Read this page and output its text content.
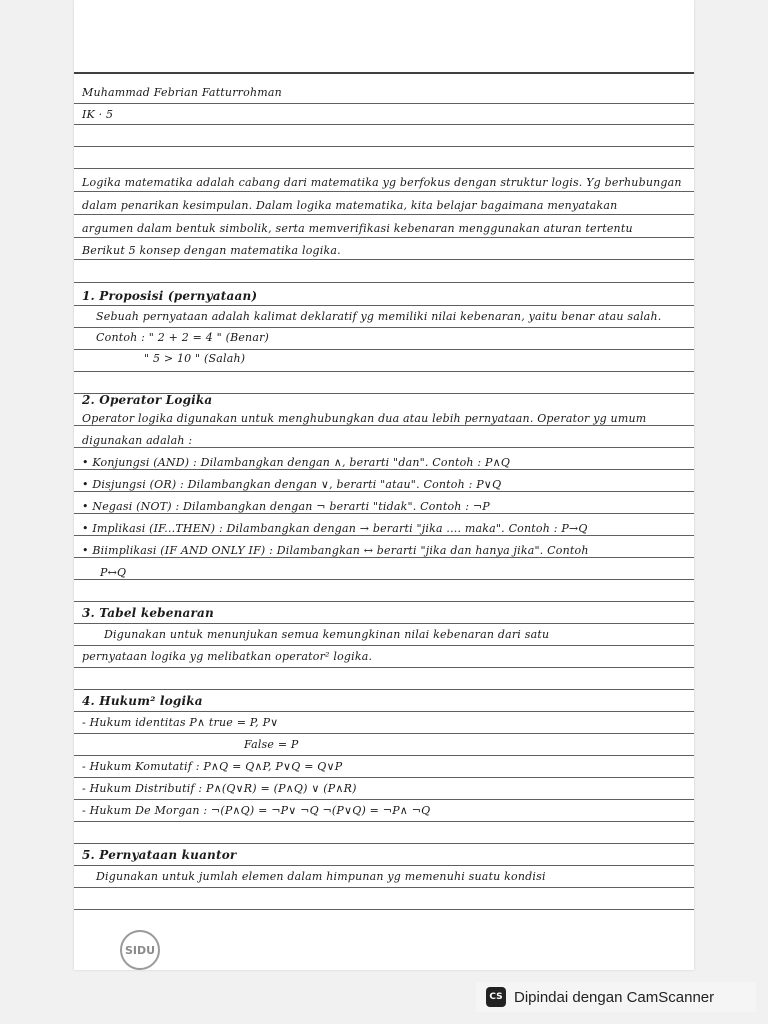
Muhammad Febrian Fatturrohman
IK · 5
Logika matematika adalah cabang dari matematika yg berfokus dengan struktur logis. Yg berhubungan
dalam penarikan kesimpulan. Dalam logika matematika, kita belajar bagaimana menyatakan
argumen dalam bentuk simbolik, serta memverifikasi kebenaran menggunakan aturan tertentu
Berikut 5 konsep dengan matematika logika.
1. Proposisi (pernyataan)
Sebuah pernyataan adalah kalimat deklaratif yg memiliki nilai kebenaran, yaitu benar atau salah.
Contoh : " 2 + 2 = 4 " (Benar)
" 5 > 10 " (Salah)
2. Operator Logika
Operator logika digunakan untuk menghubungkan dua atau lebih pernyataan. Operator yg umum
digunakan adalah :
• Konjungsi (AND) : Dilambangkan dengan ∧, berarti "dan". Contoh : P∧Q
• Disjungsi (OR) : Dilambangkan dengan ∨, berarti "atau". Contoh : P∨Q
• Negasi (NOT) : Dilambangkan dengan ¬ berarti "tidak". Contoh : ¬P
• Implikasi (IF...THEN) : Dilambangkan dengan → berarti "jika .... maka". Contoh : P→Q
• Biimplikasi (IF AND ONLY IF) : Dilambangkan ↔ berarti "jika dan hanya jika". Contoh
P↔Q
3. Tabel kebenaran
Digunakan untuk menunjukan semua kemungkinan nilai kebenaran dari satu
pernyataan logika yg melibatkan operator² logika.
4. Hukum² logika
- Hukum identitas P∧ true = P, P∨
False = P
- Hukum Komutatif : P∧Q = Q∧P, P∨Q = Q∨P
- Hukum Distributif : P∧(Q∨R) = (P∧Q) ∨ (P∧R)
- Hukum De Morgan : ¬(P∧Q) = ¬P∨ ¬Q ¬(P∨Q) = ¬P∧ ¬Q
5. Pernyataan kuantor
Digunakan untuk jumlah elemen dalam himpunan yg memenuhi suatu kondisi
SIDU
CS Dipindai dengan CamScanner
